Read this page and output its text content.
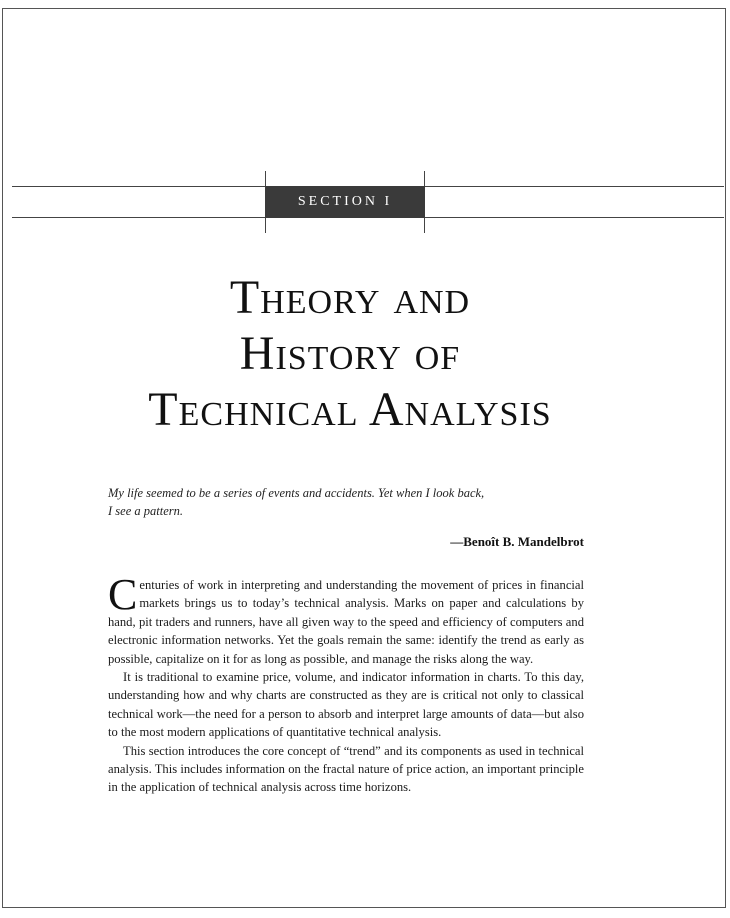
SECTION I
Theory and
History of
Technical Analysis
My life seemed to be a series of events and accidents. Yet when I look back,
I see a pattern.
—Benoît B. Mandelbrot

Centuries of work in interpreting and understanding the movement of prices in financial markets brings us to today’s technical analysis. Marks on paper and calculations by hand, pit traders and runners, have all given way to the speed and efficiency of computers and electronic information networks. Yet the goals remain the same: identify the trend as early as possible, capitalize on it for as long as possible, and manage the risks along the way.

It is traditional to examine price, volume, and indicator information in charts. To this day, understanding how and why charts are constructed as they are is critical not only to classical technical work—the need for a person to absorb and interpret large amounts of data—but also to the most modern applications of quantitative technical analysis.

This section introduces the core concept of “trend” and its components as used in technical analysis. This includes information on the fractal nature of price action, an important principle in the application of technical analysis across time horizons.
